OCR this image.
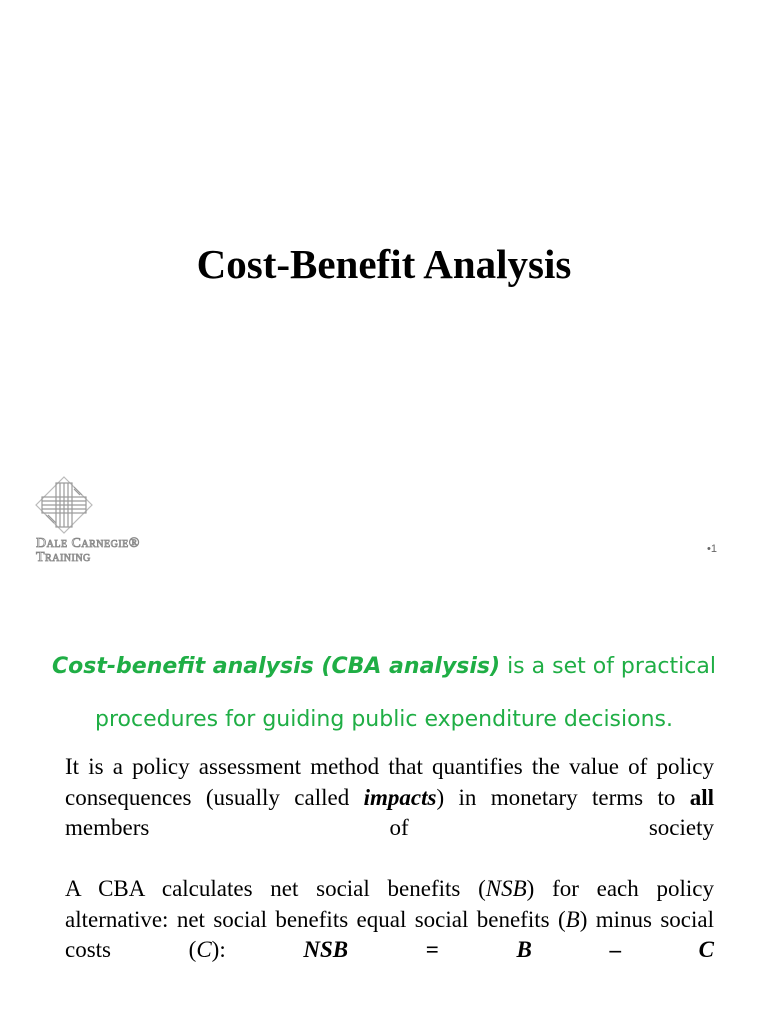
Cost-Benefit Analysis
Dale Carnegie® Training
•1
Cost-benefit analysis (CBA analysis) is a set of practical
procedures for guiding public expenditure decisions.
It is a policy assessment method that quantifies the value of policy consequences (usually called impacts) in monetary terms to all members of society
A CBA calculates net social benefits (NSB) for each policy alternative: net social benefits equal social benefits (B) minus social costs (C): NSB = B – C
